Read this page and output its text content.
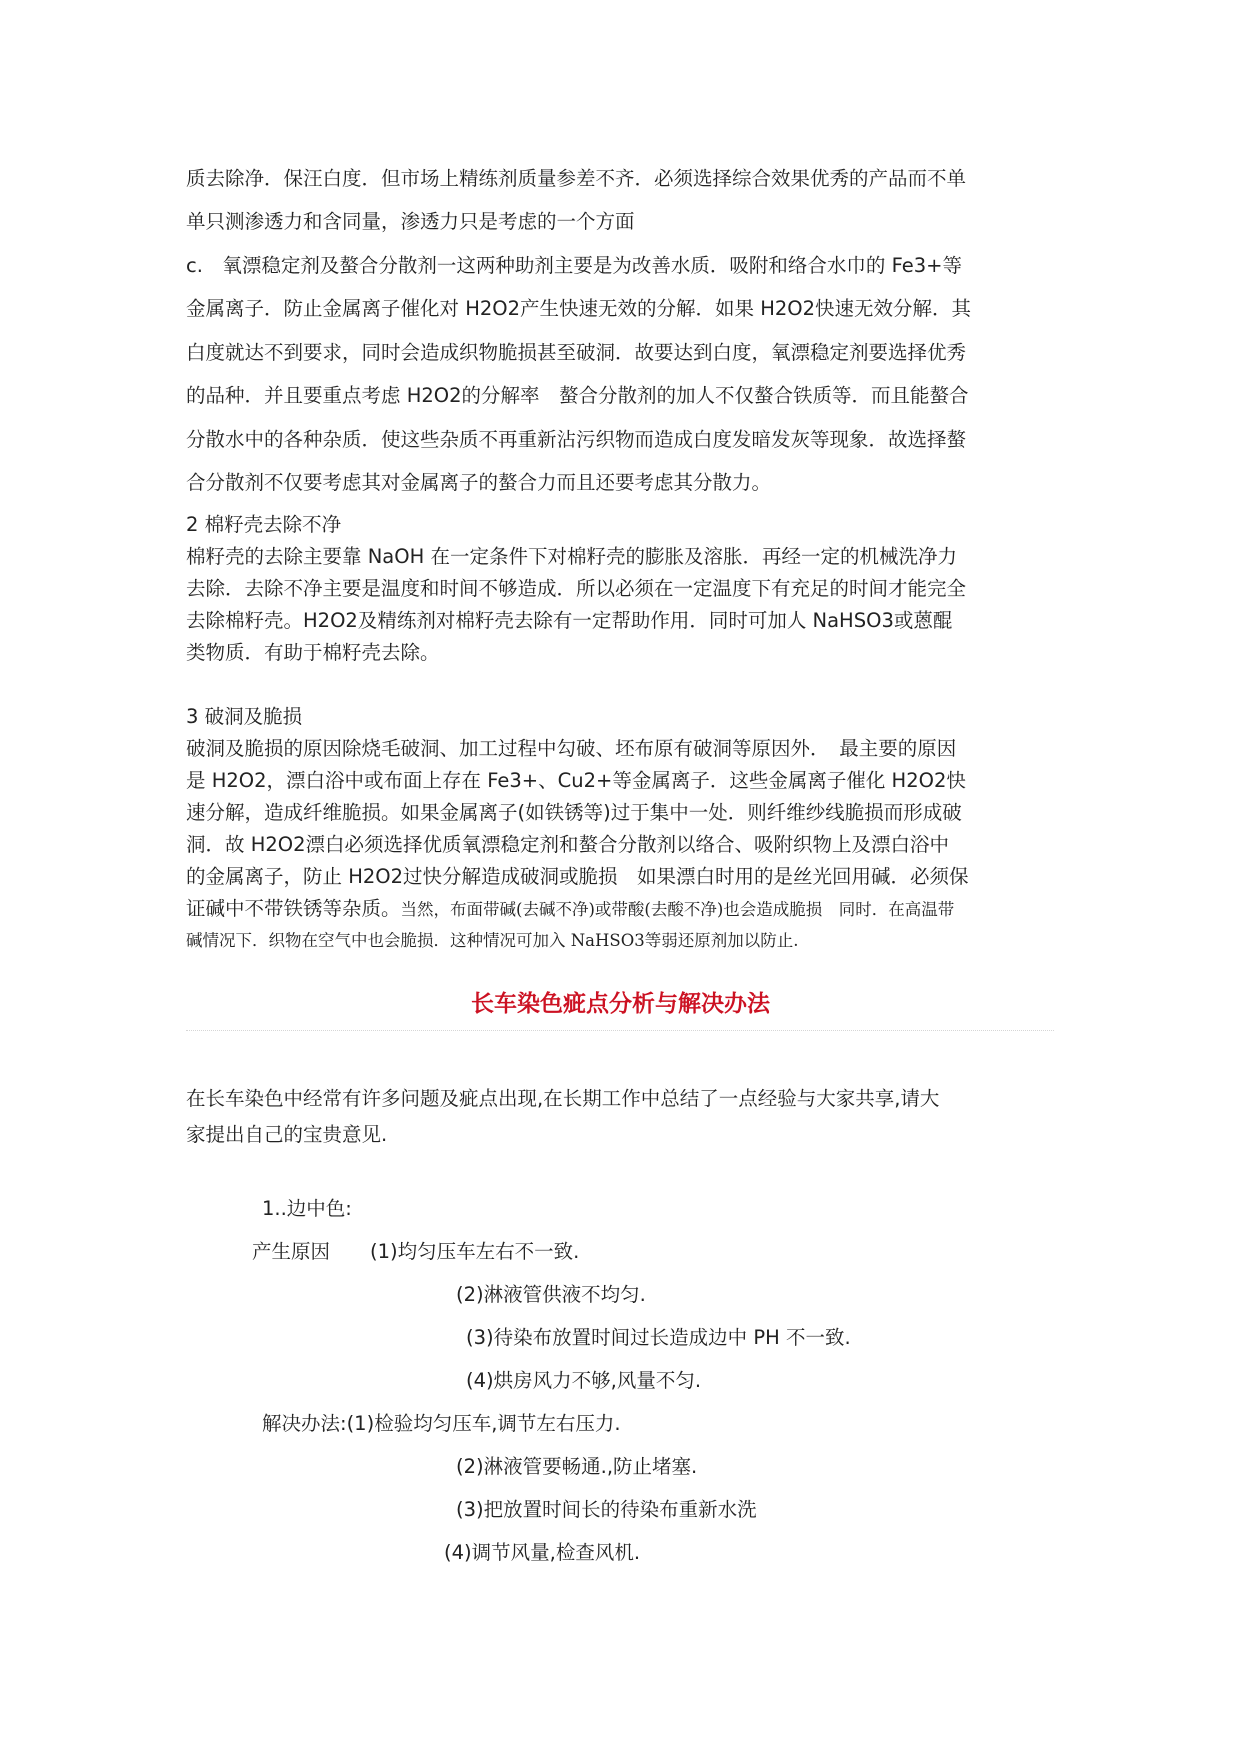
质去除净．保汪白度．但市场上精练剂质量参差不齐．必须选择综合效果优秀的产品而不单
单只测渗透力和含同量，渗透力只是考虑的一个方面
c.　氧漂稳定剂及螯合分散剂一这两种助剂主要是为改善水质．吸附和络合水巾的 Fe3+等
金属离子．防止金属离子催化对 H2O2产生快速无效的分解．如果 H2O2快速无效分解．其
白度就达不到要求，同时会造成织物脆损甚至破洞．故要达到白度，氧漂稳定剂要选择优秀
的品种．并且要重点考虑 H2O2的分解率　螯合分散剂的加人不仅螯合铁质等．而且能螯合
分散水中的各种杂质．使这些杂质不再重新沾污织物而造成白度发暗发灰等现象．故选择螯
合分散剂不仅要考虑其对金属离子的螯合力而且还要考虑其分散力。
2 棉籽壳去除不净
棉籽壳的去除主要靠 NaOH 在一定条件下对棉籽壳的膨胀及溶胀．再经一定的机械洗净力
去除．去除不净主要是温度和时间不够造成．所以必须在一定温度下有充足的时间才能完全
去除棉籽壳。H2O2及精练剂对棉籽壳去除有一定帮助作用．同时可加人 NaHSO3或蒽醌
类物质．有助于棉籽壳去除。
3 破洞及脆损
破洞及脆损的原因除烧毛破洞、加工过程中勾破、坯布原有破洞等原因外．　最主要的原因
是 H2O2，漂白浴中或布面上存在 Fe3+、Cu2+等金属离子．这些金属离子催化 H2O2快
速分解，造成纤维脆损。如果金属离子(如铁锈等)过于集中一处．则纤维纱线脆损而形成破
洞．故 H2O2漂白必须选择优质氧漂稳定剂和螯合分散剂以络合、吸附织物上及漂白浴中
的金属离子，防止 H2O2过快分解造成破洞或脆损　如果漂白时用的是丝光回用碱．必须保
证碱中不带铁锈等杂质。当然，布面带碱(去碱不净)或带酸(去酸不净)也会造成脆损　同时．在高温带
碱情况下．织物在空气中也会脆损．这种情况可加入 NaHSO3等弱还原剂加以防止.
长车染色疵点分析与解决办法
在长车染色中经常有许多问题及疵点出现,在长期工作中总结了一点经验与大家共享,请大
家提出自己的宝贵意见.
1..边中色:
产生原因 (1)均匀压车左右不一致.
(2)淋液管供液不均匀.
(3)待染布放置时间过长造成边中 PH 不一致.
(4)烘房风力不够,风量不匀.
解决办法:(1)检验均匀压车,调节左右压力.
(2)淋液管要畅通.,防止堵塞.
(3)把放置时间长的待染布重新水洗
(4)调节风量,检查风机.
